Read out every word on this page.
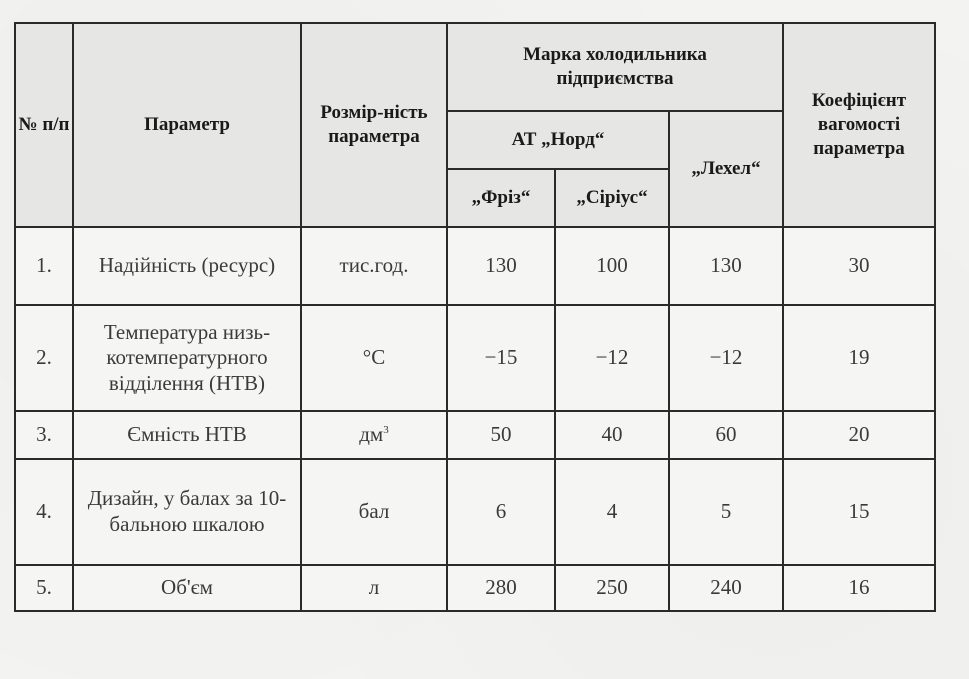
№ п/п	Параметр	Розмір-ність параметра	Марка холодильника підприємства			Коефіцієнт вагомості параметра
			АТ „Норд“		„Лехел“	
			„Фріз“	„Сіріус“		
1.	Надійність (ресурс)	тис.год.	130	100	130	30
2.	Температура низь-котемпературного відділення (НТВ)	°С	−15	−12	−12	19
3.	Ємність НТВ	$дм^3$	50	40	60	20
4.	Дизайн, у балах за 10-бальною шкалою	бал	6	4	5	15
5.	Об'єм	л	280	250	240	16
